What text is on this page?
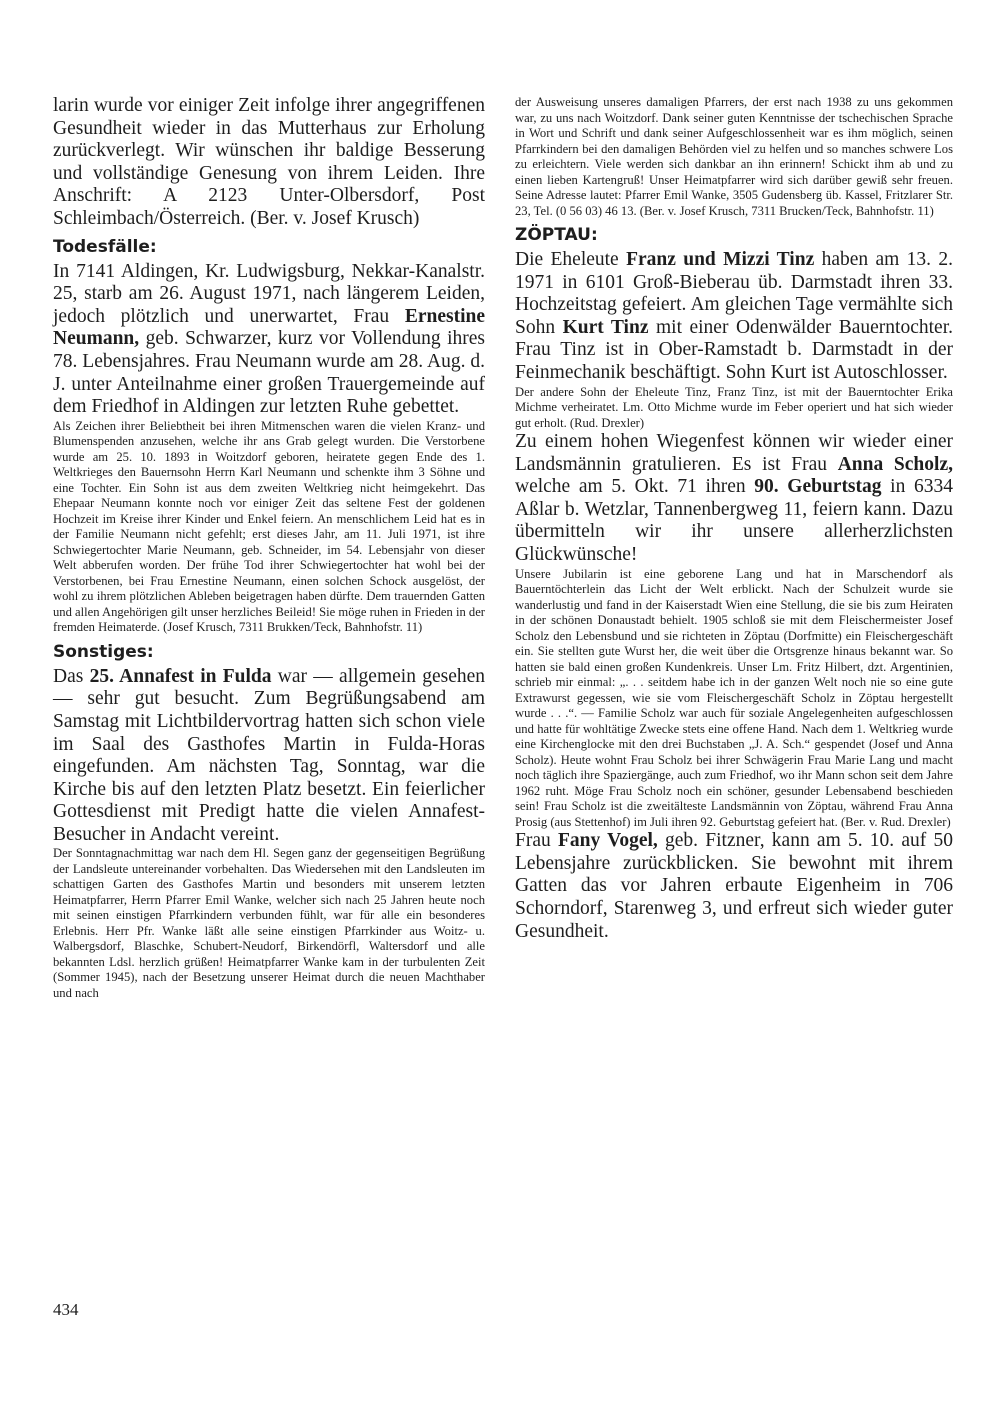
larin wurde vor einiger Zeit infolge ihrer angegriffenen Gesundheit wieder in das Mutterhaus zur Erholung zurückverlegt. Wir wünschen ihr baldige Besserung und vollständige Genesung von ihrem Leiden. Ihre Anschrift: A 2123 Unter-Olbersdorf, Post Schleimbach/Österreich. (Ber. v. Josef Krusch)

Todesfälle:

In 7141 Aldingen, Kr. Ludwigsburg, Nekkar-Kanalstr. 25, starb am 26. August 1971, nach längerem Leiden, jedoch plötzlich und unerwartet, Frau Ernestine Neumann, geb. Schwarzer, kurz vor Vollendung ihres 78. Lebensjahres. Frau Neumann wurde am 28. Aug. d. J. unter Anteilnahme einer großen Trauergemeinde auf dem Friedhof in Aldingen zur letzten Ruhe gebettet.

Als Zeichen ihrer Beliebtheit bei ihren Mitmenschen waren die vielen Kranz- und Blumenspenden anzusehen, welche ihr ans Grab gelegt wurden. Die Verstorbene wurde am 25. 10. 1893 in Woitzdorf geboren, heiratete gegen Ende des 1. Weltkrieges den Bauernsohn Herrn Karl Neumann und schenkte ihm 3 Söhne und eine Tochter. Ein Sohn ist aus dem zweiten Weltkrieg nicht heimgekehrt. Das Ehepaar Neumann konnte noch vor einiger Zeit das seltene Fest der goldenen Hochzeit im Kreise ihrer Kinder und Enkel feiern. An menschlichem Leid hat es in der Familie Neumann nicht gefehlt; erst dieses Jahr, am 11. Juli 1971, ist ihre Schwiegertochter Marie Neumann, geb. Schneider, im 54. Lebensjahr von dieser Welt abberufen worden. Der frühe Tod ihrer Schwiegertochter hat wohl bei der Verstorbenen, bei Frau Ernestine Neumann, einen solchen Schock ausgelöst, der wohl zu ihrem plötzlichen Ableben beigetragen haben dürfte. Dem trauernden Gatten und allen Angehörigen gilt unser herzliches Beileid! Sie möge ruhen in Frieden in der fremden Heimaterde. (Josef Krusch, 7311 Brukken/Teck, Bahnhofstr. 11)

Sonstiges:

Das 25. Annafest in Fulda war — allgemein gesehen — sehr gut besucht. Zum Begrüßungsabend am Samstag mit Lichtbildervortrag hatten sich schon viele im Saal des Gasthofes Martin in Fulda-Horas eingefunden. Am nächsten Tag, Sonntag, war die Kirche bis auf den letzten Platz besetzt. Ein feierlicher Gottesdienst mit Predigt hatte die vielen Annafest-Besucher in Andacht vereint.

Der Sonntagnachmittag war nach dem Hl. Segen ganz der gegenseitigen Begrüßung der Landsleute untereinander vorbehalten. Das Wiedersehen mit den Landsleuten im schattigen Garten des Gasthofes Martin und besonders mit unserem letzten Heimatpfarrer, Herrn Pfarrer Emil Wanke, welcher sich nach 25 Jahren heute noch mit seinen einstigen Pfarrkindern verbunden fühlt, war für alle ein besonderes Erlebnis. Herr Pfr. Wanke läßt alle seine einstigen Pfarrkinder aus Woitz- u. Walbergsdorf, Blaschke, Schubert-Neudorf, Birkendörfl, Waltersdorf und alle bekannten Ldsl. herzlich grüßen! Heimatpfarrer Wanke kam in der turbulenten Zeit (Sommer 1945), nach der Besetzung unserer Heimat durch die neuen Machthaber und nach

der Ausweisung unseres damaligen Pfarrers, der erst nach 1938 zu uns gekommen war, zu uns nach Woitzdorf. Dank seiner guten Kenntnisse der tschechischen Sprache in Wort und Schrift und dank seiner Aufgeschlossenheit war es ihm möglich, seinen Pfarrkindern bei den damaligen Behörden viel zu helfen und so manches schwere Los zu erleichtern. Viele werden sich dankbar an ihn erinnern! Schickt ihm ab und zu einen lieben Kartengruß! Unser Heimatpfarrer wird sich darüber gewiß sehr freuen. Seine Adresse lautet: Pfarrer Emil Wanke, 3505 Gudensberg üb. Kassel, Fritzlarer Str. 23, Tel. (0 56 03) 46 13. (Ber. v. Josef Krusch, 7311 Brucken/Teck, Bahnhofstr. 11)

ZÖPTAU:

Die Eheleute Franz und Mizzi Tinz haben am 13. 2. 1971 in 6101 Groß-Bieberau üb. Darmstadt ihren 33. Hochzeitstag gefeiert. Am gleichen Tage vermählte sich Sohn Kurt Tinz mit einer Odenwälder Bauerntochter. Frau Tinz ist in Ober-Ramstadt b. Darmstadt in der Feinmechanik beschäftigt. Sohn Kurt ist Autoschlosser.

Der andere Sohn der Eheleute Tinz, Franz Tinz, ist mit der Bauerntochter Erika Michme verheiratet. Lm. Otto Michme wurde im Feber operiert und hat sich wieder gut erholt. (Rud. Drexler)

Zu einem hohen Wiegenfest können wir wieder einer Landsmännin gratulieren. Es ist Frau Anna Scholz, welche am 5. Okt. 71 ihren 90. Geburtstag in 6334 Aßlar b. Wetzlar, Tannenbergweg 11, feiern kann. Dazu übermitteln wir ihr unsere allerherzlichsten Glückwünsche!

Unsere Jubilarin ist eine geborene Lang und hat in Marschendorf als Bauerntöchterlein das Licht der Welt erblickt. Nach der Schulzeit wurde sie wanderlustig und fand in der Kaiserstadt Wien eine Stellung, die sie bis zum Heiraten in der schönen Donaustadt behielt. 1905 schloß sie mit dem Fleischermeister Josef Scholz den Lebensbund und sie richteten in Zöptau (Dorfmitte) ein Fleischergeschäft ein. Sie stellten gute Wurst her, die weit über die Ortsgrenze hinaus bekannt war. So hatten sie bald einen großen Kundenkreis. Unser Lm. Fritz Hilbert, dzt. Argentinien, schrieb mir einmal: „. . . seitdem habe ich in der ganzen Welt noch nie so eine gute Extrawurst gegessen, wie sie vom Fleischergeschäft Scholz in Zöptau hergestellt wurde . . .“. — Familie Scholz war auch für soziale Angelegenheiten aufgeschlossen und hatte für wohltätige Zwecke stets eine offene Hand. Nach dem 1. Weltkrieg wurde eine Kirchenglocke mit den drei Buchstaben „J. A. Sch.“ gespendet (Josef und Anna Scholz). Heute wohnt Frau Scholz bei ihrer Schwägerin Frau Marie Lang und macht noch täglich ihre Spaziergänge, auch zum Friedhof, wo ihr Mann schon seit dem Jahre 1962 ruht. Möge Frau Scholz noch ein schöner, gesunder Lebensabend beschieden sein! Frau Scholz ist die zweitälteste Landsmännin von Zöptau, während Frau Anna Prosig (aus Stettenhof) im Juli ihren 92. Geburtstag gefeiert hat. (Ber. v. Rud. Drexler)

Frau Fany Vogel, geb. Fitzner, kann am 5. 10. auf 50 Lebensjahre zurückblicken. Sie bewohnt mit ihrem Gatten das vor Jahren erbaute Eigenheim in 706 Schorndorf, Starenweg 3, und erfreut sich wieder guter Gesundheit.

434
